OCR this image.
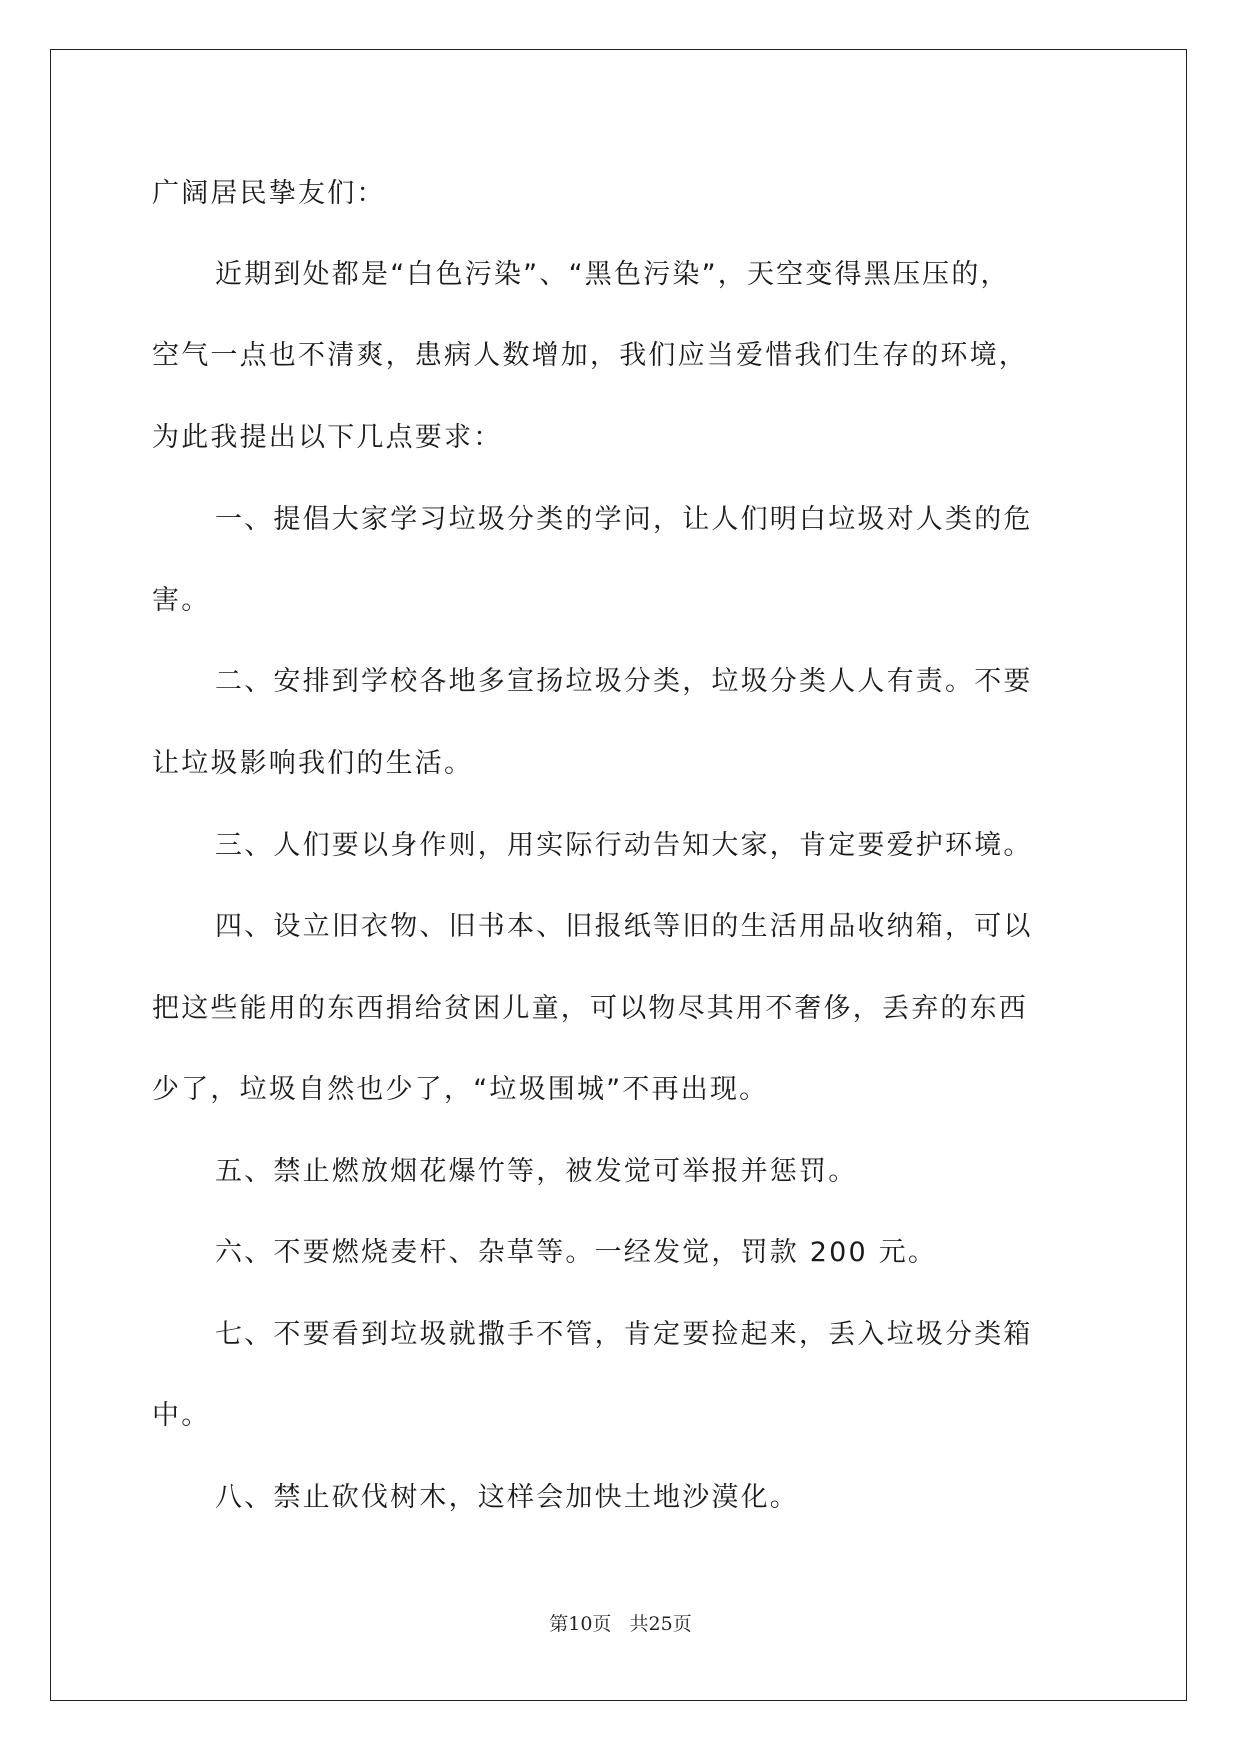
广阔居民挚友们：

近期到处都是“白色污染”、“黑色污染”，天空变得黑压压的，

空气一点也不清爽，患病人数增加，我们应当爱惜我们生存的环境，

为此我提出以下几点要求：

一、提倡大家学习垃圾分类的学问，让人们明白垃圾对人类的危

害。

二、安排到学校各地多宣扬垃圾分类，垃圾分类人人有责。不要

让垃圾影响我们的生活。

三、人们要以身作则，用实际行动告知大家，肯定要爱护环境。

四、设立旧衣物、旧书本、旧报纸等旧的生活用品收纳箱，可以

把这些能用的东西捐给贫困儿童，可以物尽其用不奢侈，丢弃的东西

少了，垃圾自然也少了，“垃圾围城”不再出现。

五、禁止燃放烟花爆竹等，被发觉可举报并惩罚。

六、不要燃烧麦杆、杂草等。一经发觉，罚款 200 元。

七、不要看到垃圾就撒手不管，肯定要捡起来，丢入垃圾分类箱

中。

八、禁止砍伐树木，这样会加快土地沙漠化。

第10页   共25页
